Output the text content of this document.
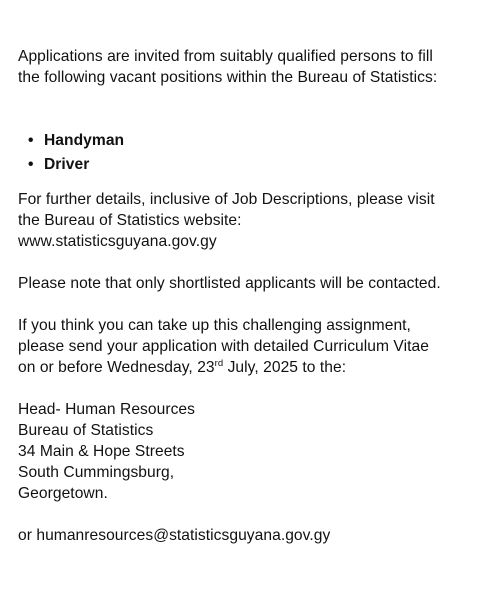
Applications are invited from suitably qualified persons to fill
the following vacant positions within the Bureau of Statistics:

• Handyman
• Driver

For further details, inclusive of Job Descriptions, please visit
the Bureau of Statistics website:
www.statisticsguyana.gov.gy

Please note that only shortlisted applicants will be contacted.

If you think you can take up this challenging assignment,
please send your application with detailed Curriculum Vitae
on or before Wednesday, 23rd July, 2025 to the:

Head- Human Resources
Bureau of Statistics
34 Main & Hope Streets
South Cummingsburg,
Georgetown.

or humanresources@statisticsguyana.gov.gy
